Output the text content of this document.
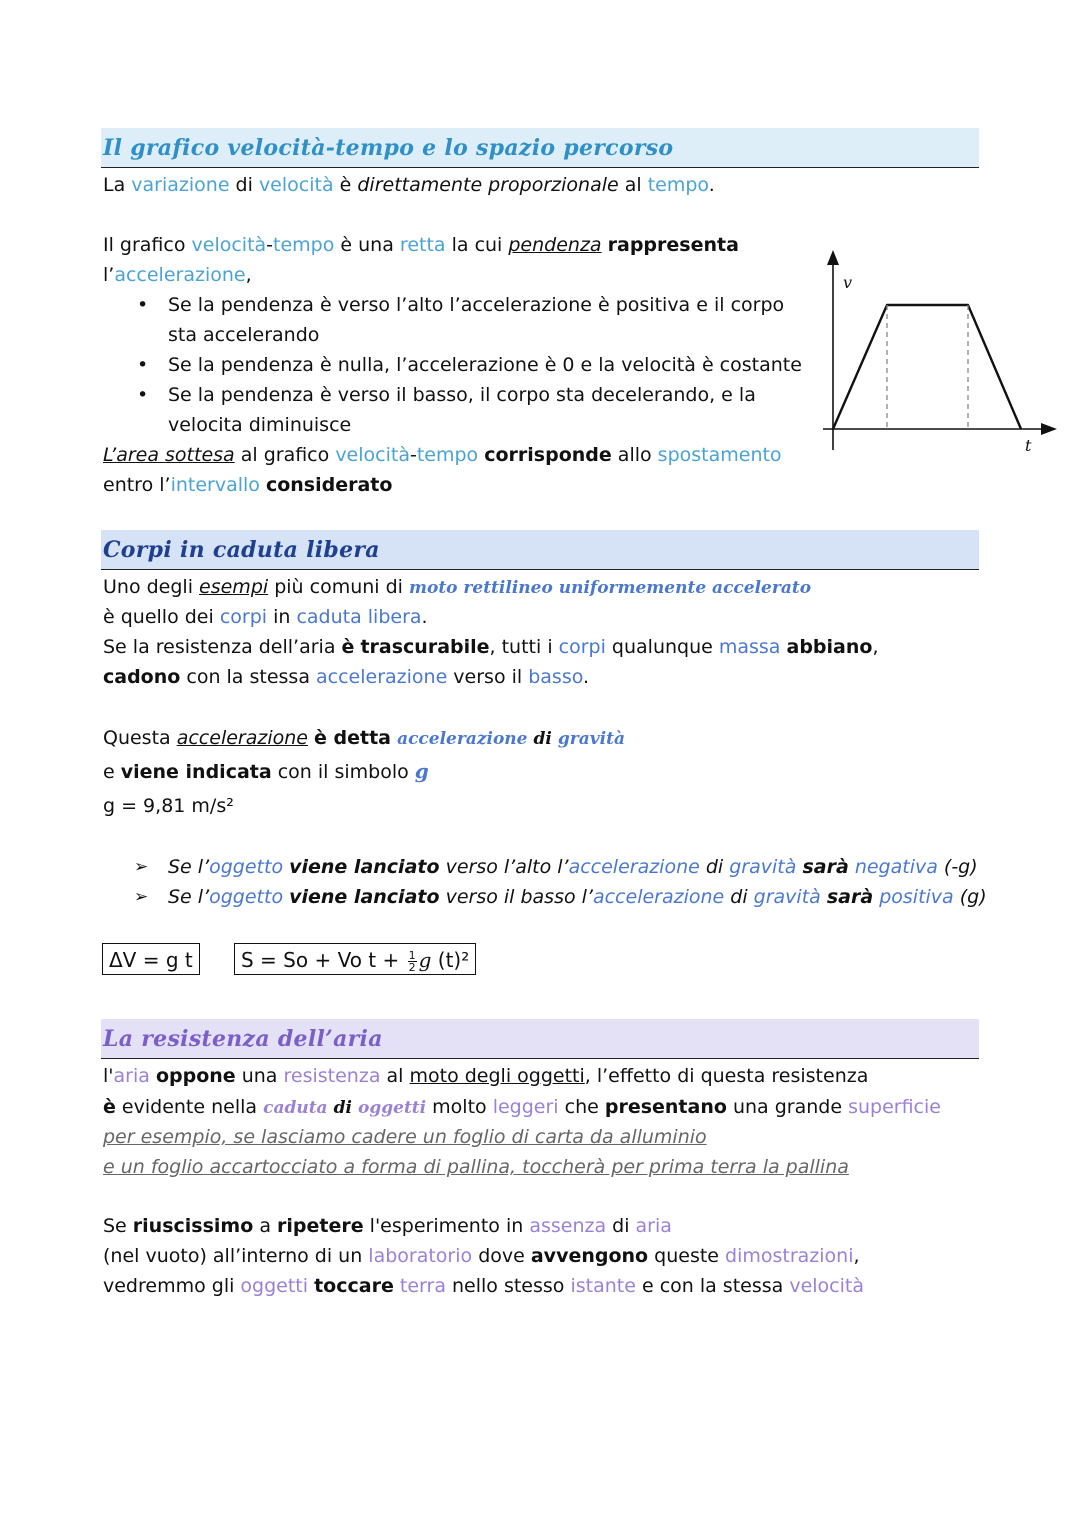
Il grafico velocità-tempo e lo spazio percorso
La variazione di velocità è direttamente proporzionale al tempo.
Il grafico velocità-tempo è una retta la cui pendenza rappresenta
l’accelerazione,
• Se la pendenza è verso l’alto l’accelerazione è positiva e il corpo
sta accelerando
• Se la pendenza è nulla, l’accelerazione è 0 e la velocità è costante
• Se la pendenza è verso il basso, il corpo sta decelerando, e la
velocita diminuisce
L’area sottesa al grafico velocità-tempo corrisponde allo spostamento
entro l’intervallo considerato
v
t
Corpi in caduta libera
Uno degli esempi più comuni di moto rettilineo uniformemente accelerato
è quello dei corpi in caduta libera.
Se la resistenza dell’aria è trascurabile, tutti i corpi qualunque massa abbiano,
cadono con la stessa accelerazione verso il basso.
Questa accelerazione è detta accelerazione di gravità
e viene indicata con il simbolo g
g = 9,81 m/s²
➢ Se l’oggetto viene lanciato verso l’alto l’accelerazione di gravità sarà negativa (-g)
➢ Se l’oggetto viene lanciato verso il basso l’accelerazione di gravità sarà positiva (g)
ΔV = g t	S = So + Vo $t + \frac{1}{2}$ g (t)²
La resistenza dell’aria
l'aria oppone una resistenza al moto degli oggetti, l’effetto di questa resistenza
è evidente nella caduta di oggetti molto leggeri che presentano una grande superficie
per esempio, se lasciamo cadere un foglio di carta da alluminio
e un foglio accartocciato a forma di pallina, toccherà per prima terra la pallina
Se riuscissimo a ripetere l'esperimento in assenza di aria
(nel vuoto) all’interno di un laboratorio dove avvengono queste dimostrazioni,
vedremmo gli oggetti toccare terra nello stesso istante e con la stessa velocità
